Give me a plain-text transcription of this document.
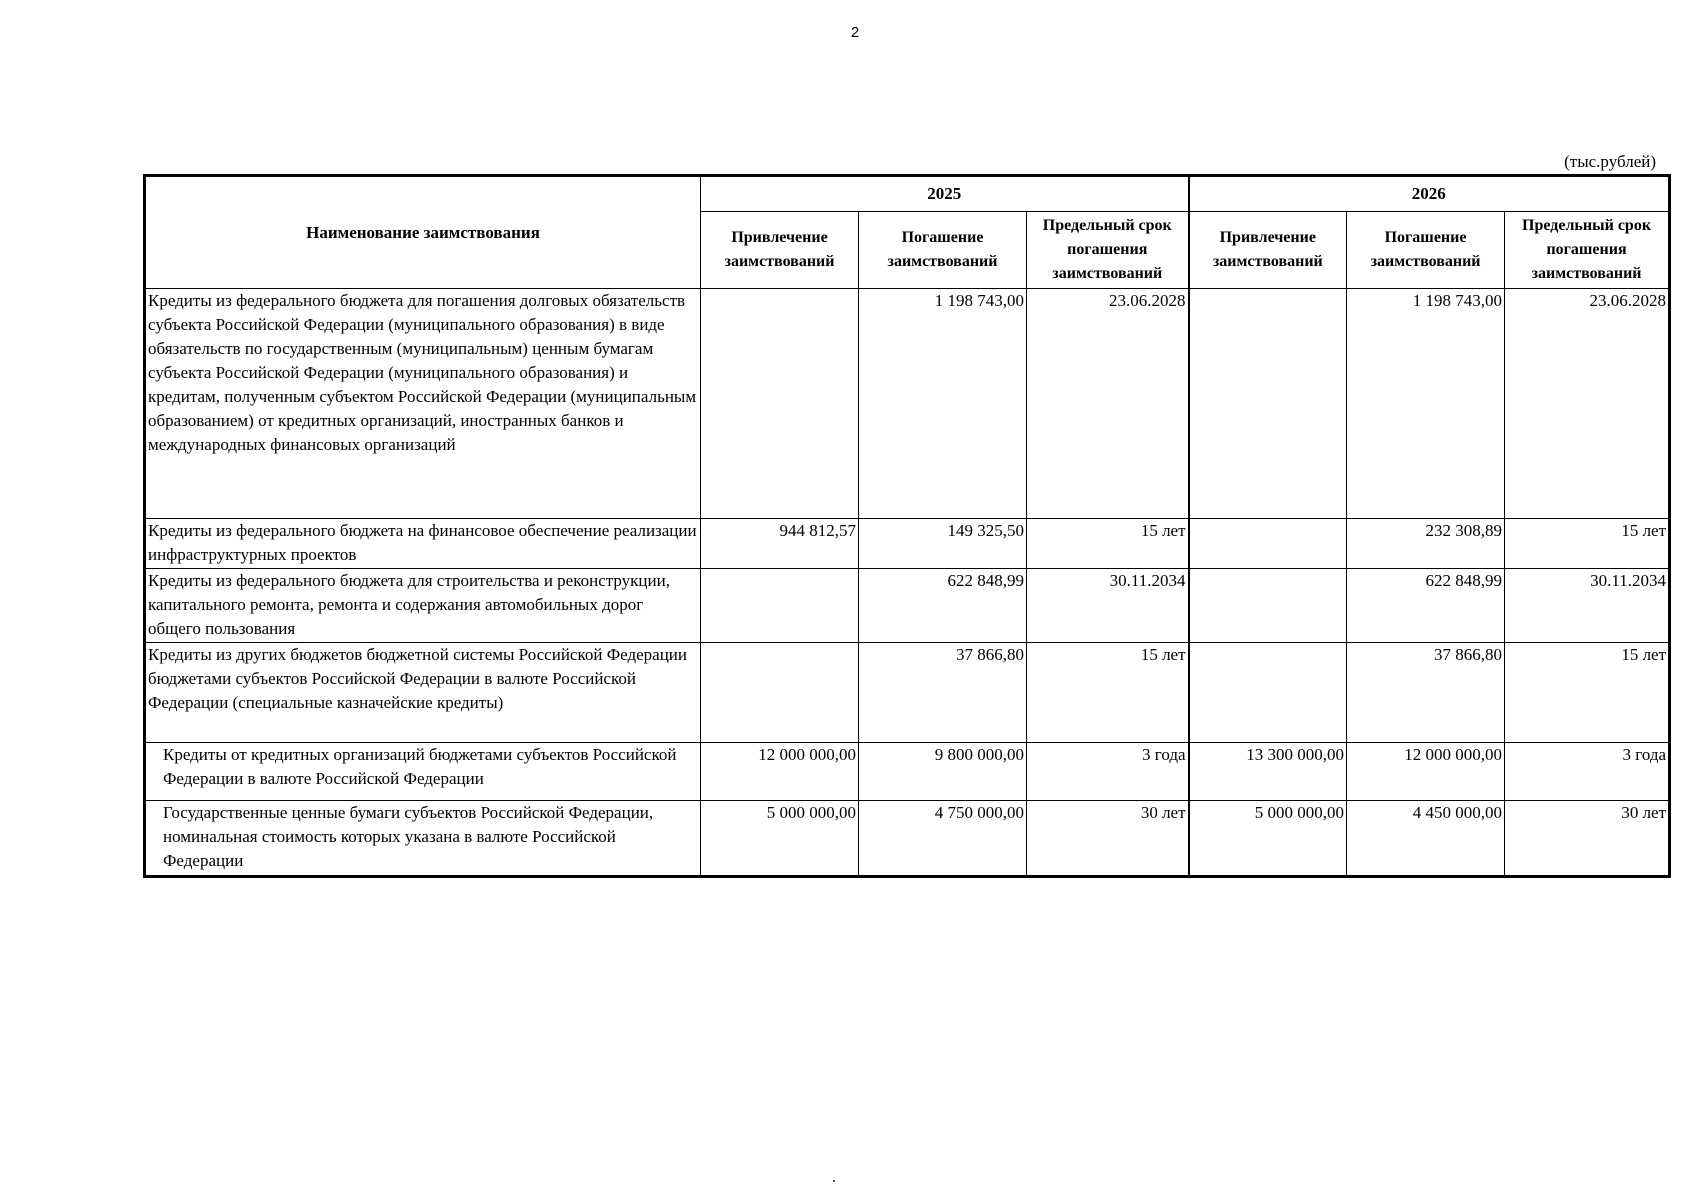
2
(тыс.рублей)
Наименование заимствования	2025			2026		
	Привлечение заимствований	Погашение заимствований	Предельный срок погашения заимствований	Привлечение заимствований	Погашение заимствований	Предельный срок погашения заимствований
Кредиты из федерального бюджета для погашения долговых обязательств субъекта Российской Федерации (муниципального образования) в виде обязательств по государственным (муниципальным) ценным бумагам субъекта Российской Федерации (муниципального образования) и кредитам, полученным субъектом Российской Федерации (муниципальным образованием) от кредитных организаций, иностранных банков и международных финансовых организаций		1 198 743,00	23.06.2028		1 198 743,00	23.06.2028
Кредиты из федерального бюджета на финансовое обеспечение реализации инфраструктурных проектов	944 812,57	149 325,50	15 лет		232 308,89	15 лет
Кредиты из федерального бюджета для строительства и реконструкции, капитального ремонта, ремонта и содержания автомобильных дорог общего пользования		622 848,99	30.11.2034		622 848,99	30.11.2034
Кредиты из других бюджетов бюджетной системы Российской Федерации бюджетами субъектов Российской Федерации в валюте Российской Федерации (специальные казначейские кредиты)		37 866,80	15 лет		37 866,80	15 лет
Кредиты от кредитных организаций бюджетами субъектов Российской Федерации в валюте Российской Федерации	12 000 000,00	9 800 000,00	3 года	13 300 000,00	12 000 000,00	3 года
Государственные ценные бумаги субъектов Российской Федерации, номинальная стоимость которых указана в валюте Российской Федерации	5 000 000,00	4 750 000,00	30 лет	5 000 000,00	4 450 000,00	30 лет
